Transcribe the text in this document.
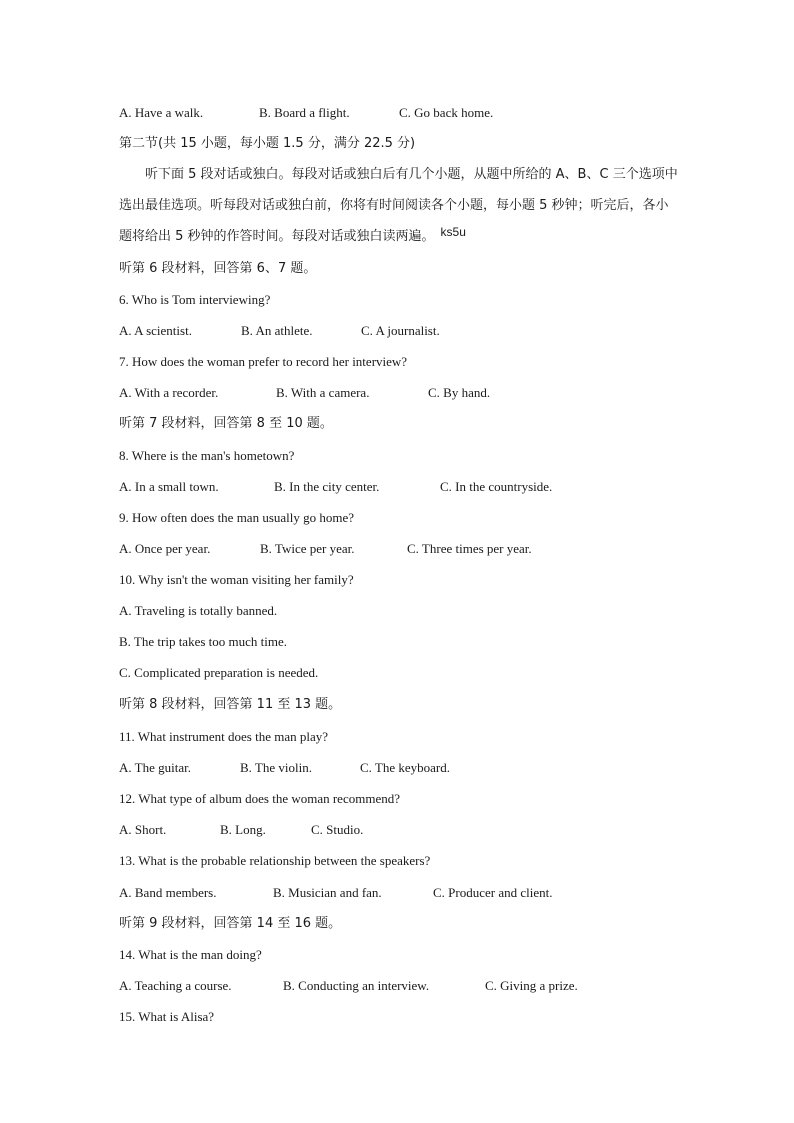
A. Have a walk.	B. Board a flight.	C. Go back home.
第二节(共 15 小题，每小题 1.5 分，满分 22.5 分)
听下面 5 段对话或独白。每段对话或独白后有几个小题，从题中所给的 A、B、C 三个选项中选出最佳选项。听每段对话或独白前，你将有时间阅读各个小题，每小题 5 秒钟；听完后，各小题将给出 5 秒钟的作答时间。每段对话或独白读两遍。 ks5u
听第 6 段材料，回答第 6、7 题。
6. Who is Tom interviewing?
A. A scientist.	B. An athlete.	C. A journalist.
7. How does the woman prefer to record her interview?
A. With a recorder.	B. With a camera.	C. By hand.
听第 7 段材料，回答第 8 至 10 题。
8. Where is the man's hometown?
A. In a small town.	B. In the city center.	C. In the countryside.
9. How often does the man usually go home?
A. Once per year.	B. Twice per year.	C. Three times per year.
10. Why isn't the woman visiting her family?
A. Traveling is totally banned.
B. The trip takes too much time.
C. Complicated preparation is needed.
听第 8 段材料，回答第 11 至 13 题。
11. What instrument does the man play?
A. The guitar.	B. The violin.	C. The keyboard.
12. What type of album does the woman recommend?
A. Short.	B. Long.	C. Studio.
13. What is the probable relationship between the speakers?
A. Band members.	B. Musician and fan.	C. Producer and client.
听第 9 段材料，回答第 14 至 16 题。
14. What is the man doing?
A. Teaching a course.	B. Conducting an interview.	C. Giving a prize.
15. What is Alisa?
